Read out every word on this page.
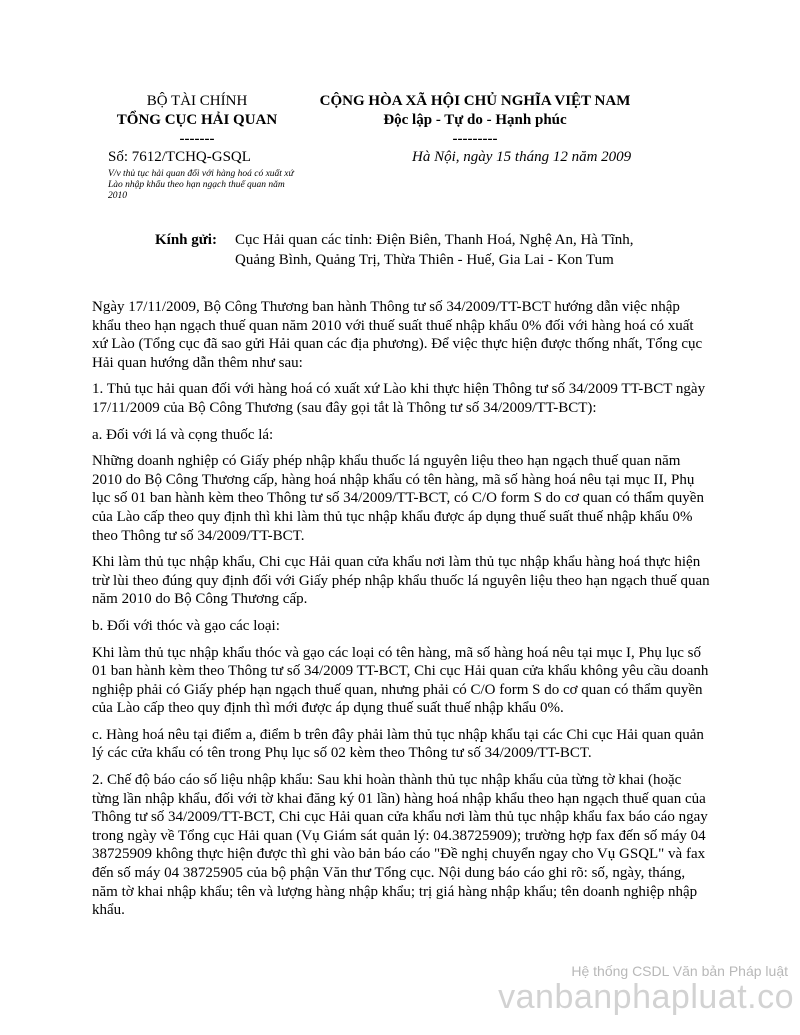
BỘ TÀI CHÍNH
TỔNG CỤC HẢI QUAN
-------
CỘNG HÒA XÃ HỘI CHỦ NGHĨA VIỆT NAM
Độc lập - Tự do - Hạnh phúc
---------
Số: 7612/TCHQ-GSQL
V/v thủ tục hải quan đối với hàng hoá có xuất xứ Lào nhập khẩu theo hạn ngạch thuế quan năm 2010
Hà Nội, ngày 15 tháng 12 năm 2009
Kính gửi: Cục Hải quan các tỉnh: Điện Biên, Thanh Hoá, Nghệ An, Hà Tĩnh, Quảng Bình, Quảng Trị, Thừa Thiên - Huế, Gia Lai - Kon Tum

Ngày 17/11/2009, Bộ Công Thương ban hành Thông tư số 34/2009/TT-BCT hướng dẫn việc nhập khẩu theo hạn ngạch thuế quan năm 2010 với thuế suất thuế nhập khẩu 0% đối với hàng hoá có xuất xứ Lào (Tổng cục đã sao gửi Hải quan các địa phương). Để việc thực hiện được thống nhất, Tổng cục Hải quan hướng dẫn thêm như sau:

1. Thủ tục hải quan đối với hàng hoá có xuất xứ Lào khi thực hiện Thông tư số 34/2009 TT-BCT ngày 17/11/2009 của Bộ Công Thương (sau đây gọi tắt là Thông tư số 34/2009/TT-BCT):

a. Đối với lá và cọng thuốc lá:

Những doanh nghiệp có Giấy phép nhập khẩu thuốc lá nguyên liệu theo hạn ngạch thuế quan năm 2010 do Bộ Công Thương cấp, hàng hoá nhập khẩu có tên hàng, mã số hàng hoá nêu tại mục II, Phụ lục số 01 ban hành kèm theo Thông tư số 34/2009/TT-BCT, có C/O form S do cơ quan có thẩm quyền của Lào cấp theo quy định thì khi làm thủ tục nhập khẩu được áp dụng thuế suất thuế nhập khẩu 0% theo Thông tư số 34/2009/TT-BCT.

Khi làm thủ tục nhập khẩu, Chi cục Hải quan cửa khẩu nơi làm thủ tục nhập khẩu hàng hoá thực hiện trừ lùi theo đúng quy định đối với Giấy phép nhập khẩu thuốc lá nguyên liệu theo hạn ngạch thuế quan năm 2010 do Bộ Công Thương cấp.

b. Đối với thóc và gạo các loại:

Khi làm thủ tục nhập khẩu thóc và gạo các loại có tên hàng, mã số hàng hoá nêu tại mục I, Phụ lục số 01 ban hành kèm theo Thông tư số 34/2009 TT-BCT, Chi cục Hải quan cửa khẩu không yêu cầu doanh nghiệp phải có Giấy phép hạn ngạch thuế quan, nhưng phải có C/O form S do cơ quan có thẩm quyền của Lào cấp theo quy định thì mới được áp dụng thuế suất thuế nhập khẩu 0%.

c. Hàng hoá nêu tại điểm a, điểm b trên đây phải làm thủ tục nhập khẩu tại các Chi cục Hải quan quản lý các cửa khẩu có tên trong Phụ lục số 02 kèm theo Thông tư số 34/2009/TT-BCT.

2. Chế độ báo cáo số liệu nhập khẩu: Sau khi hoàn thành thủ tục nhập khẩu của từng tờ khai (hoặc từng lần nhập khẩu, đối với tờ khai đăng ký 01 lần) hàng hoá nhập khẩu theo hạn ngạch thuế quan của Thông tư số 34/2009/TT-BCT, Chi cục Hải quan cửa khẩu nơi làm thủ tục nhập khẩu fax báo cáo ngay trong ngày về Tổng cục Hải quan (Vụ Giám sát quản lý: 04.38725909); trường hợp fax đến số máy 04 38725909 không thực hiện được thì ghi vào bản báo cáo "Đề nghị chuyển ngay cho Vụ GSQL" và fax đến số máy 04 38725905 của bộ phận Văn thư Tổng cục. Nội dung báo cáo ghi rõ: số, ngày, tháng, năm tờ khai nhập khẩu; tên và lượng hàng nhập khẩu; trị giá hàng nhập khẩu; tên doanh nghiệp nhập khẩu.

Hệ thống CSDL Văn bản Pháp luật
vanbanphapluat.co
